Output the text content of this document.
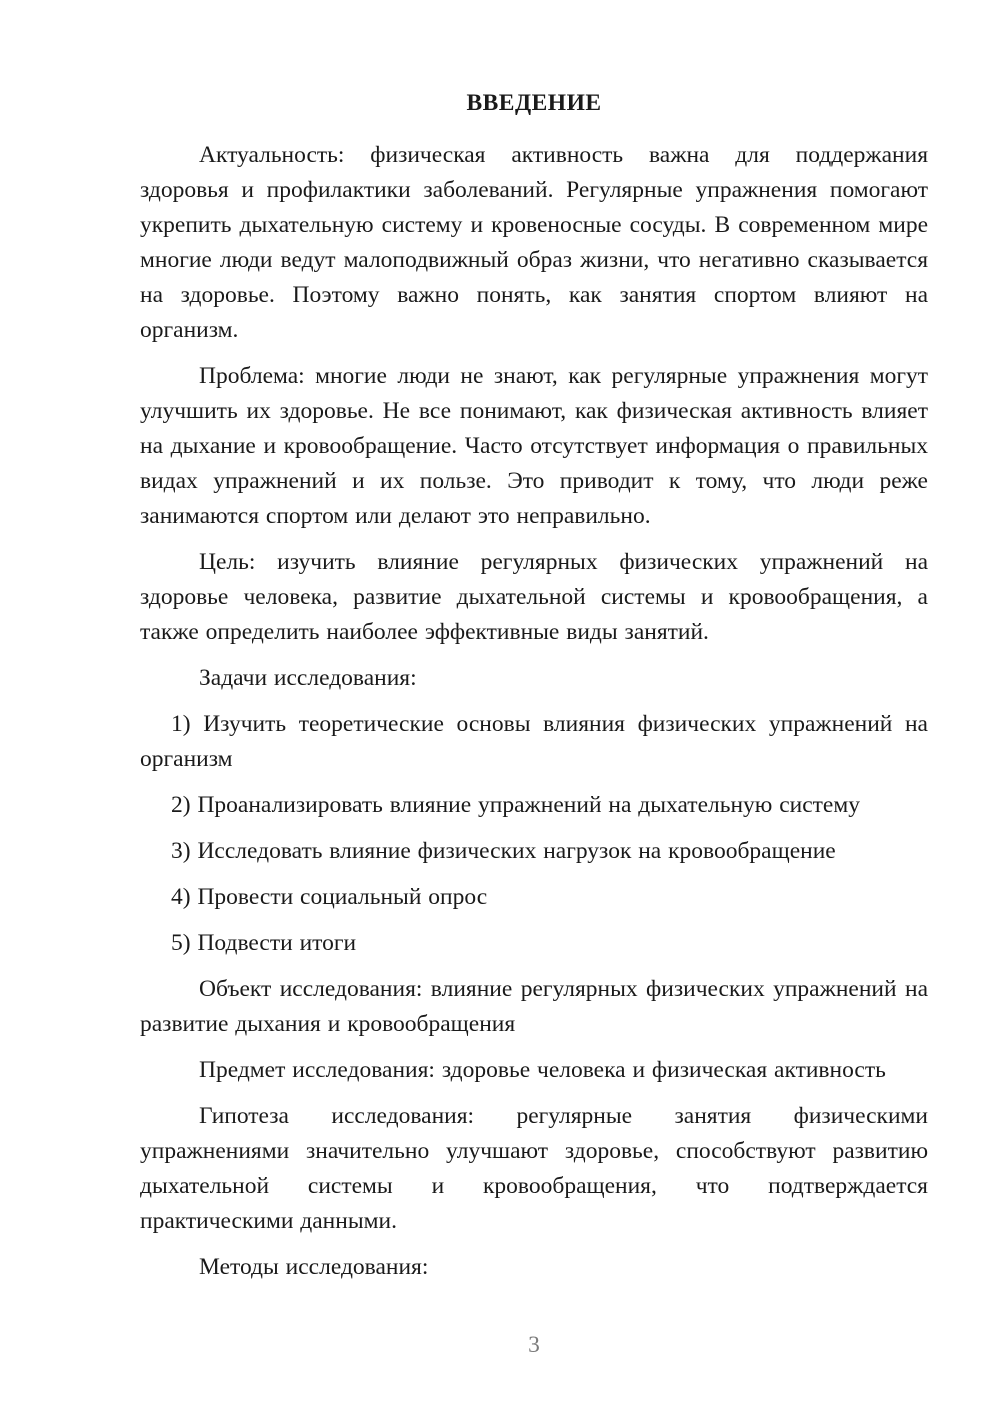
ВВЕДЕНИЕ

Актуальность: физическая активность важна для поддержания здоровья и профилактики заболеваний. Регулярные упражнения помогают укрепить дыхательную систему и кровеносные сосуды. В современном мире многие люди ведут малоподвижный образ жизни, что негативно сказывается на здоровье. Поэтому важно понять, как занятия спортом влияют на организм.

Проблема: многие люди не знают, как регулярные упражнения могут улучшить их здоровье. Не все понимают, как физическая активность влияет на дыхание и кровообращение. Часто отсутствует информация о правильных видах упражнений и их пользе. Это приводит к тому, что люди реже занимаются спортом или делают это неправильно.

Цель: изучить влияние регулярных физических упражнений на здоровье человека, развитие дыхательной системы и кровообращения, а также определить наиболее эффективные виды занятий.

Задачи исследования:

1) Изучить теоретические основы влияния физических упражнений на организм

2) Проанализировать влияние упражнений на дыхательную систему

3) Исследовать влияние физических нагрузок на кровообращение

4) Провести социальный опрос

5) Подвести итоги

Объект исследования: влияние регулярных физических упражнений на развитие дыхания и кровообращения

Предмет исследования: здоровье человека и физическая активность

Гипотеза исследования: регулярные занятия физическими упражнениями значительно улучшают здоровье, способствуют развитию дыхательной системы и кровообращения, что подтверждается практическими данными.

Методы исследования:

3
